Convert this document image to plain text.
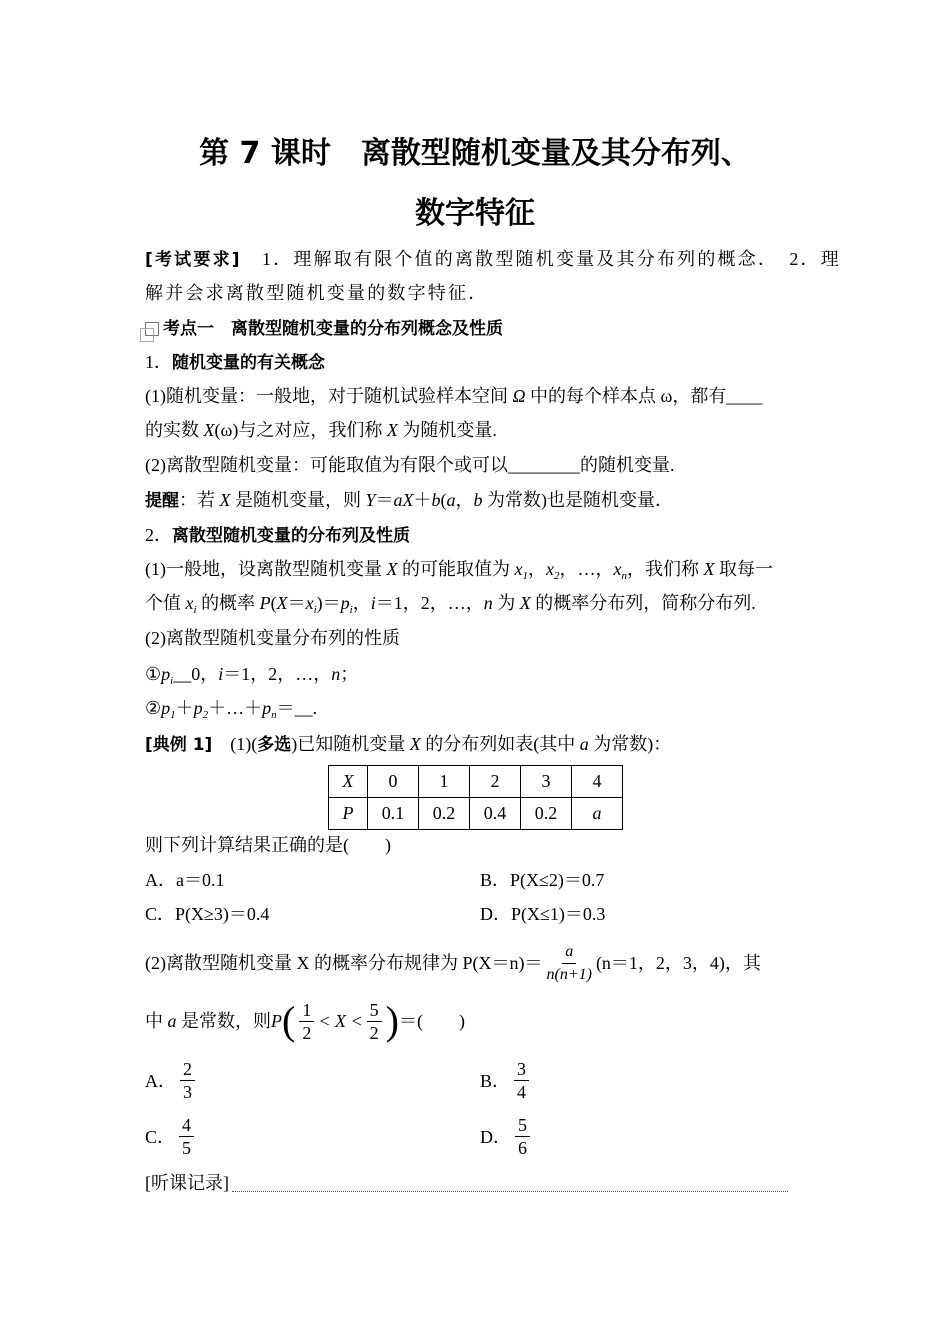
第 7 课时　离散型随机变量及其分布列、
数字特征
[考试要求]　1．理解取有限个值的离散型随机变量及其分布列的概念．　2．理
解并会求离散型随机变量的数字特征．
考点一　离散型随机变量的分布列概念及性质
1．随机变量的有关概念
(1)随机变量：一般地，对于随机试验样本空间 Ω 中的每个样本点 ω，都有____
的实数 X(ω)与之对应，我们称 X 为随机变量.
(2)离散型随机变量：可能取值为有限个或可以________的随机变量.
提醒：若 X 是随机变量，则 Y＝aX＋b(a，b 为常数)也是随机变量．
2．离散型随机变量的分布列及性质
(1)一般地，设离散型随机变量 X 的可能取值为 $x_1$，$x_2$，…，$x_n$，我们称 X 取每一
个值 $x_i$ 的概率 $P(X=x_i)=p_i$，i＝1，2，…，n 为 X 的概率分布列，简称分布列.
(2)离散型随机变量分布列的性质
$①p_i\_\_0$，i＝1，2，…，n；
$②p_1+p_2+\dots+p_n=\_\_$.
[典例 1]　(1)(多选)已知随机变量 X 的分布列如表(其中 a 为常数)：
X	0	1	2	3	4
P	0.1	0.2	0.4	0.2	a
则下列计算结果正确的是(　　)
A．a＝0.1	B．P(X≤2)＝0.7
C．P(X≥3)＝0.4	D．P(X≤1)＝0.3
(2)离散型随机变量 X 的概率分布规律为 $P(X=n)= \frac{a}{n(n+1)} (n=1$，2，3，4)，其
中 a 是常数，则 P ( $\frac{1}{2} < X < \frac{5}{2}$ ) ＝(　　)
A． $\frac{2}{3}$	B． $\frac{3}{4}$
C． $\frac{4}{5}$	D． $\frac{5}{6}$
[听课记录]
